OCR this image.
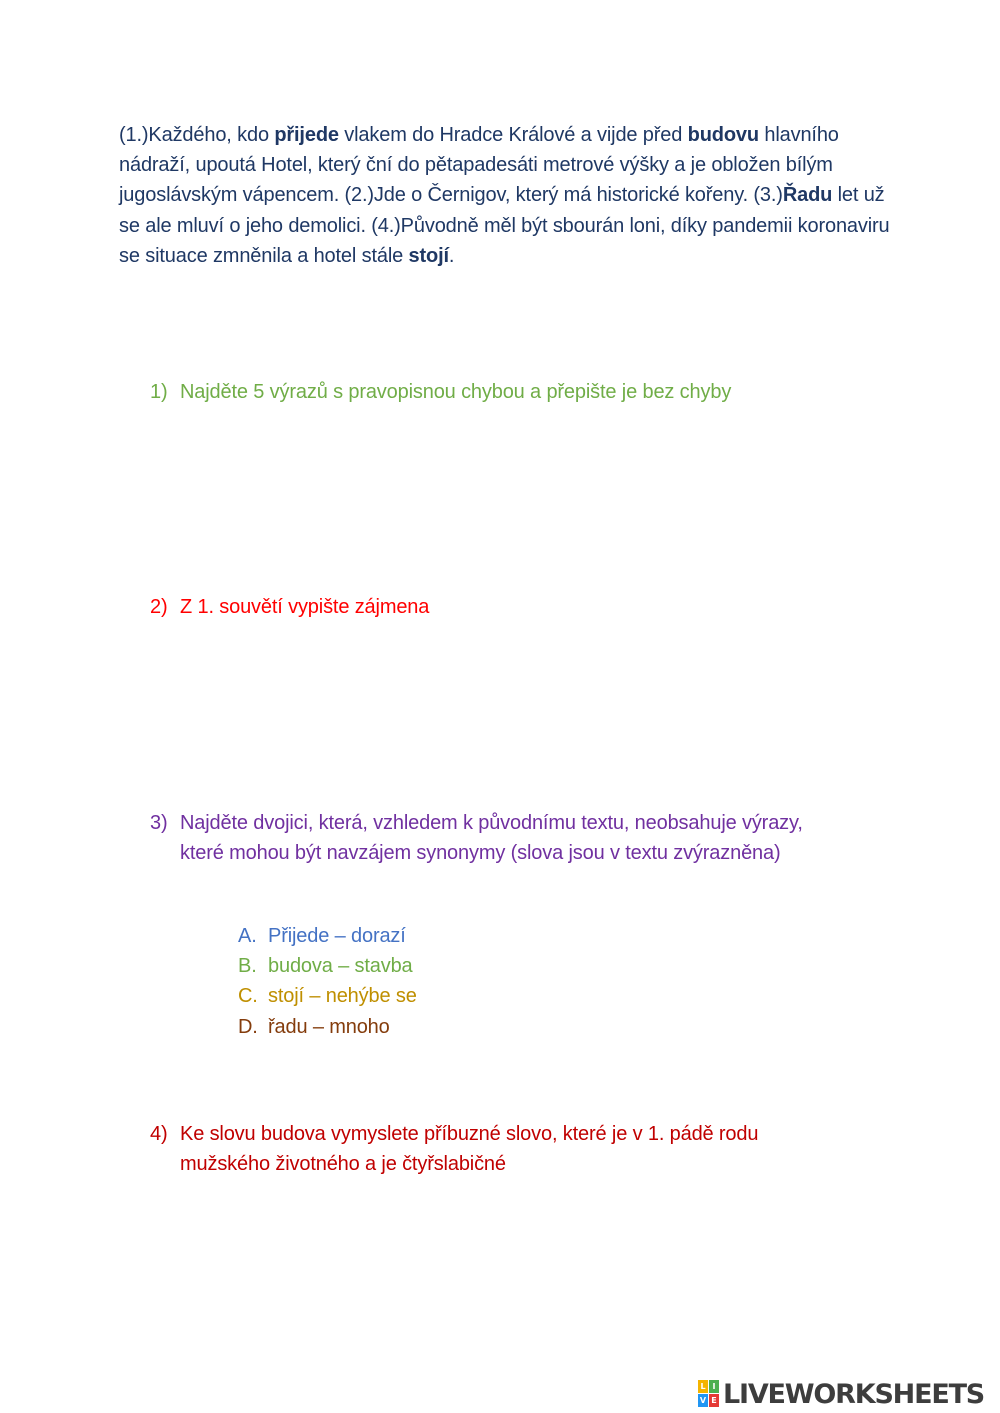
(1.)Každého, kdo přijede vlakem do Hradce Králové a vijde před budovu hlavního nádraží, upoutá Hotel, který ční do pětapadesáti metrové výšky a je obložen bílým jugoslávským vápencem. (2.)Jde o Černigov, který má historické kořeny. (3.)Řadu let už se ale mluví o jeho demolici. (4.)Původně měl být sbourán loni, díky pandemii koronaviru se situace zmněnila a hotel stále stojí.
1) Najděte 5 výrazů s pravopisnou chybou a přepište je bez chyby
2) Z 1. souvětí vypište zájmena
3) Najděte dvojici, která, vzhledem k původnímu textu, neobsahuje výrazy, které mohou být navzájem synonymy (slova jsou v textu zvýrazněna)
A. Přijede – dorazí
B. budova – stavba
C. stojí – nehýbe se
D. řadu – mnoho
4) Ke slovu budova vymyslete příbuzné slovo, které je v 1. pádě rodu mužského životného a je čtyřslabičné
L I
V E LIVEWORKSHEETS
